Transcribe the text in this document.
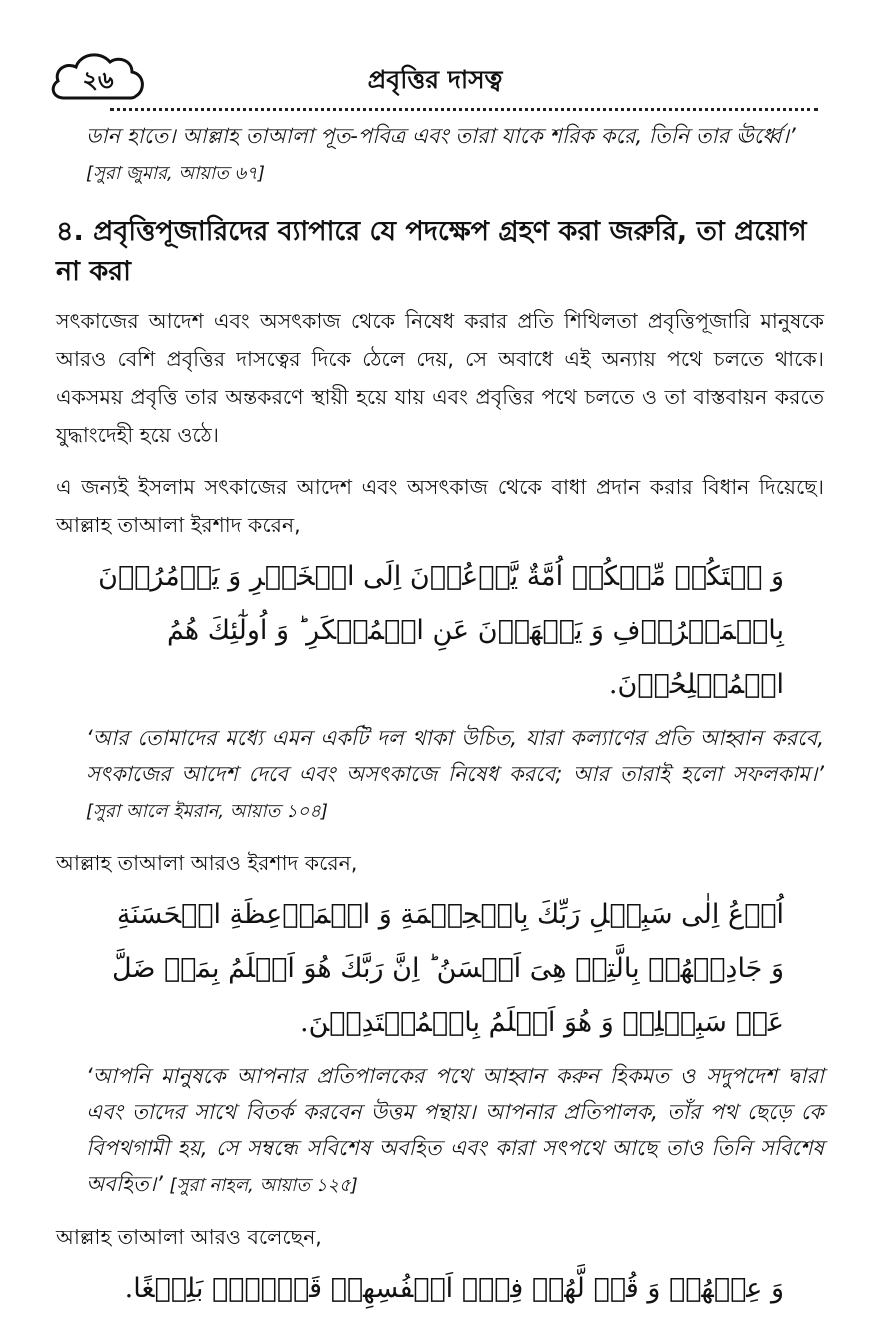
২৬	প্রবৃত্তির দাসত্ব
ডান হাতে। আল্লাহ তাআলা পূত-পবিত্র এবং তারা যাকে শরিক করে, তিনি তার ঊর্ধ্বে।’ [সুরা জুমার, আয়াত ৬৭]
৪. প্রবৃত্তিপূজারিদের ব্যাপারে যে পদক্ষেপ গ্রহণ করা জরুরি, তা প্রয়োগ না করা

সৎকাজের আদেশ এবং অসৎকাজ থেকে নিষেধ করার প্রতি শিথিলতা প্রবৃত্তিপূজারি মানুষকে আরও বেশি প্রবৃত্তির দাসত্বের দিকে ঠেলে দেয়, সে অবাধে এই অন্যায় পথে চলতে থাকে। একসময় প্রবৃত্তি তার অন্তকরণে স্থায়ী হয়ে যায় এবং প্রবৃত্তির পথে চলতে ও তা বাস্তবায়ন করতে যুদ্ধাংদেহী হয়ে ওঠে।

এ জন্যই ইসলাম সৎকাজের আদেশ এবং অসৎকাজ থেকে বাধা প্রদান করার বিধান দিয়েছে। আল্লাহ তাআলা ইরশাদ করেন,

وَ لۡتَكُنۡ مِّنۡكُمۡ اُمَّةٌ يَّدۡعُوۡنَ اِلَى الۡخَيۡرِ وَ يَاۡمُرُوۡنَ بِالۡمَعۡرُوۡفِ وَ يَنۡهَوۡنَ عَنِ الۡمُنۡكَرِ ؕ وَ اُولٰٓئِكَ هُمُ الۡمُفۡلِحُوۡنَ.
‘আর তোমাদের মধ্যে এমন একটি দল থাকা উচিত, যারা কল্যাণের প্রতি আহ্বান করবে, সৎকাজের আদেশ দেবে এবং অসৎকাজে নিষেধ করবে; আর তারাই হলো সফলকাম।’ [সুরা আলে ইমরান, আয়াত ১০৪]

আল্লাহ তাআলা আরও ইরশাদ করেন,

اُدۡعُ اِلٰى سَبِيۡلِ رَبِّكَ بِالۡحِكۡمَةِ وَ الۡمَوۡعِظَةِ الۡحَسَنَةِ وَ جَادِلۡهُمۡ بِالَّتِىۡ هِىَ اَحۡسَنُ ؕ اِنَّ رَبَّكَ هُوَ اَعۡلَمُ بِمَنۡ ضَلَّ عَنۡ سَبِيۡلِهٖ وَ هُوَ اَعۡلَمُ بِالۡمُهۡتَدِيۡنَ.
‘আপনি মানুষকে আপনার প্রতিপালকের পথে আহ্বান করুন হিকমত ও সদুপদেশ দ্বারা এবং তাদের সাথে বিতর্ক করবেন উত্তম পন্থায়। আপনার প্রতিপালক, তাঁর পথ ছেড়ে কে বিপথগামী হয়, সে সম্বন্ধে সবিশেষ অবহিত এবং কারা সৎপথে আছে তাও তিনি সবিশেষ অবহিত।’ [সুরা নাহল, আয়াত ১২৫]

আল্লাহ তাআলা আরও বলেছেন,

وَ عِظۡهُمۡ وَ قُلۡ لَّهُمۡ فِىۡۤ اَنۡفُسِهِمۡ قَوۡلًاۢ بَلِيۡغًا.
